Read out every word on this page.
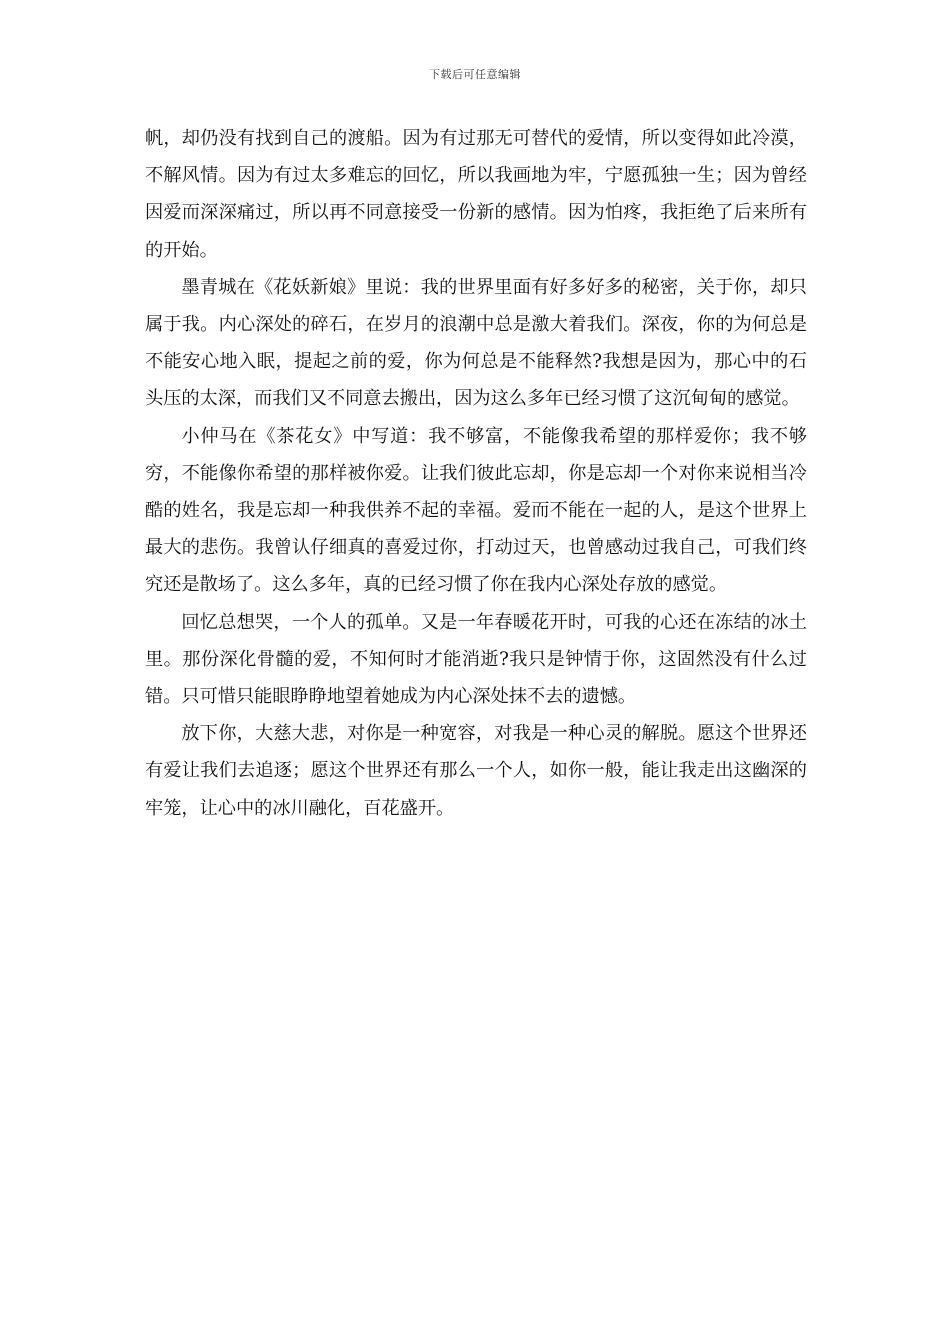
下载后可任意编辑

帆，却仍没有找到自己的渡船。因为有过那无可替代的爱情，所以变得如此冷漠，不解风情。因为有过太多难忘的回忆，所以我画地为牢，宁愿孤独一生；因为曾经因爱而深深痛过，所以再不同意接受一份新的感情。因为怕疼，我拒绝了后来所有的开始。

墨青城在《花妖新娘》里说：我的世界里面有好多好多的秘密，关于你，却只属于我。内心深处的碎石，在岁月的浪潮中总是激大着我们。深夜，你的为何总是不能安心地入眠，提起之前的爱，你为何总是不能释然?我想是因为，那心中的石头压的太深，而我们又不同意去搬出，因为这么多年已经习惯了这沉甸甸的感觉。

小仲马在《茶花女》中写道：我不够富，不能像我希望的那样爱你；我不够穷，不能像你希望的那样被你爱。让我们彼此忘却，你是忘却一个对你来说相当冷酷的姓名，我是忘却一种我供养不起的幸福。爱而不能在一起的人，是这个世界上最大的悲伤。我曾认仔细真的喜爱过你，打动过天，也曾感动过我自己，可我们终究还是散场了。这么多年，真的已经习惯了你在我内心深处存放的感觉。

回忆总想哭，一个人的孤单。又是一年春暖花开时，可我的心还在冻结的冰土里。那份深化骨髓的爱，不知何时才能消逝?我只是钟情于你，这固然没有什么过错。只可惜只能眼睁睁地望着她成为内心深处抹不去的遗憾。

放下你，大慈大悲，对你是一种宽容，对我是一种心灵的解脱。愿这个世界还有爱让我们去追逐；愿这个世界还有那么一个人，如你一般，能让我走出这幽深的牢笼，让心中的冰川融化，百花盛开。
